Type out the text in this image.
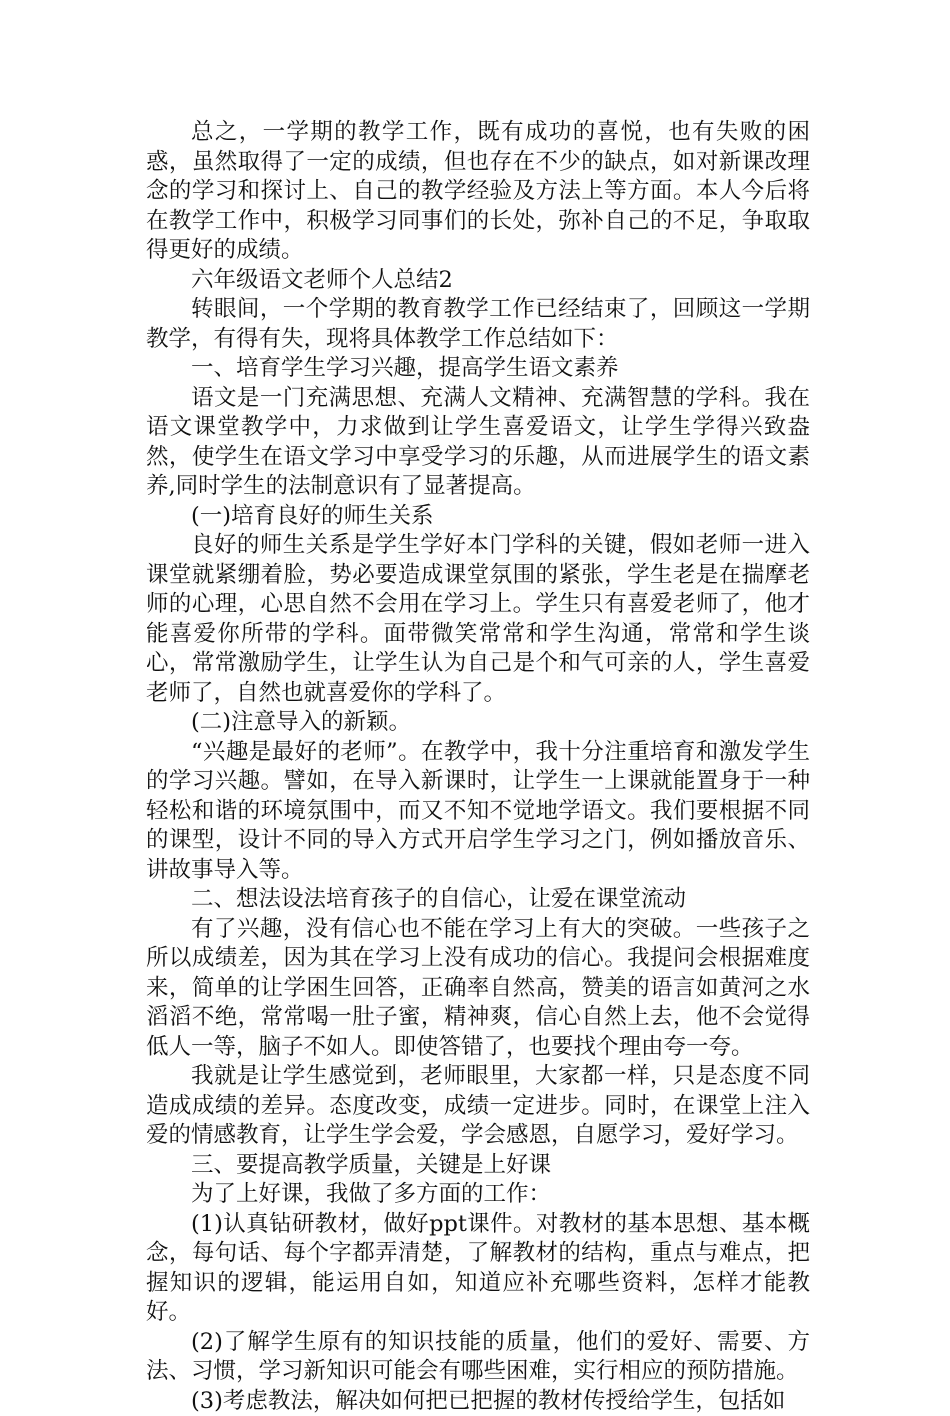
总之，一学期的教学工作，既有成功的喜悦，也有失败的困惑，虽然取得了一定的成绩，但也存在不少的缺点，如对新课改理念的学习和探讨上、自己的教学经验及方法上等方面。本人今后将在教学工作中，积极学习同事们的长处，弥补自己的不足，争取取得更好的成绩。

六年级语文老师个人总结2

转眼间，一个学期的教育教学工作已经结束了，回顾这一学期教学，有得有失，现将具体教学工作总结如下：

一、培育学生学习兴趣，提高学生语文素养

语文是一门充满思想、充满人文精神、充满智慧的学科。我在语文课堂教学中，力求做到让学生喜爱语文，让学生学得兴致盎然，使学生在语文学习中享受学习的乐趣，从而进展学生的语文素养,同时学生的法制意识有了显著提高。

(一)培育良好的师生关系

良好的师生关系是学生学好本门学科的关键，假如老师一进入课堂就紧绷着脸，势必要造成课堂氛围的紧张，学生老是在揣摩老师的心理，心思自然不会用在学习上。学生只有喜爱老师了，他才能喜爱你所带的学科。面带微笑常常和学生沟通，常常和学生谈心，常常激励学生，让学生认为自己是个和气可亲的人，学生喜爱老师了，自然也就喜爱你的学科了。

(二)注意导入的新颖。

“兴趣是最好的老师”。在教学中，我十分注重培育和激发学生的学习兴趣。譬如，在导入新课时，让学生一上课就能置身于一种轻松和谐的环境氛围中，而又不知不觉地学语文。我们要根据不同的课型，设计不同的导入方式开启学生学习之门，例如播放音乐、讲故事导入等。

二、想法设法培育孩子的自信心，让爱在课堂流动

有了兴趣，没有信心也不能在学习上有大的突破。一些孩子之所以成绩差，因为其在学习上没有成功的信心。我提问会根据难度来，简单的让学困生回答，正确率自然高，赞美的语言如黄河之水滔滔不绝，常常喝一肚子蜜，精神爽，信心自然上去，他不会觉得低人一等，脑子不如人。即使答错了，也要找个理由夸一夸。

我就是让学生感觉到，老师眼里，大家都一样，只是态度不同造成成绩的差异。态度改变，成绩一定进步。同时，在课堂上注入爱的情感教育，让学生学会爱，学会感恩，自愿学习，爱好学习。

三、要提高教学质量，关键是上好课

为了上好课，我做了多方面的工作：

(1)认真钻研教材，做好ppt课件。对教材的基本思想、基本概念，每句话、每个字都弄清楚，了解教材的结构，重点与难点，把握知识的逻辑，能运用自如，知道应补充哪些资料，怎样才能教好。

(2)了解学生原有的知识技能的质量，他们的爱好、需要、方法、习惯，学习新知识可能会有哪些困难，实行相应的预防措施。

(3)考虑教法，解决如何把已把握的教材传授给学生，包括如
